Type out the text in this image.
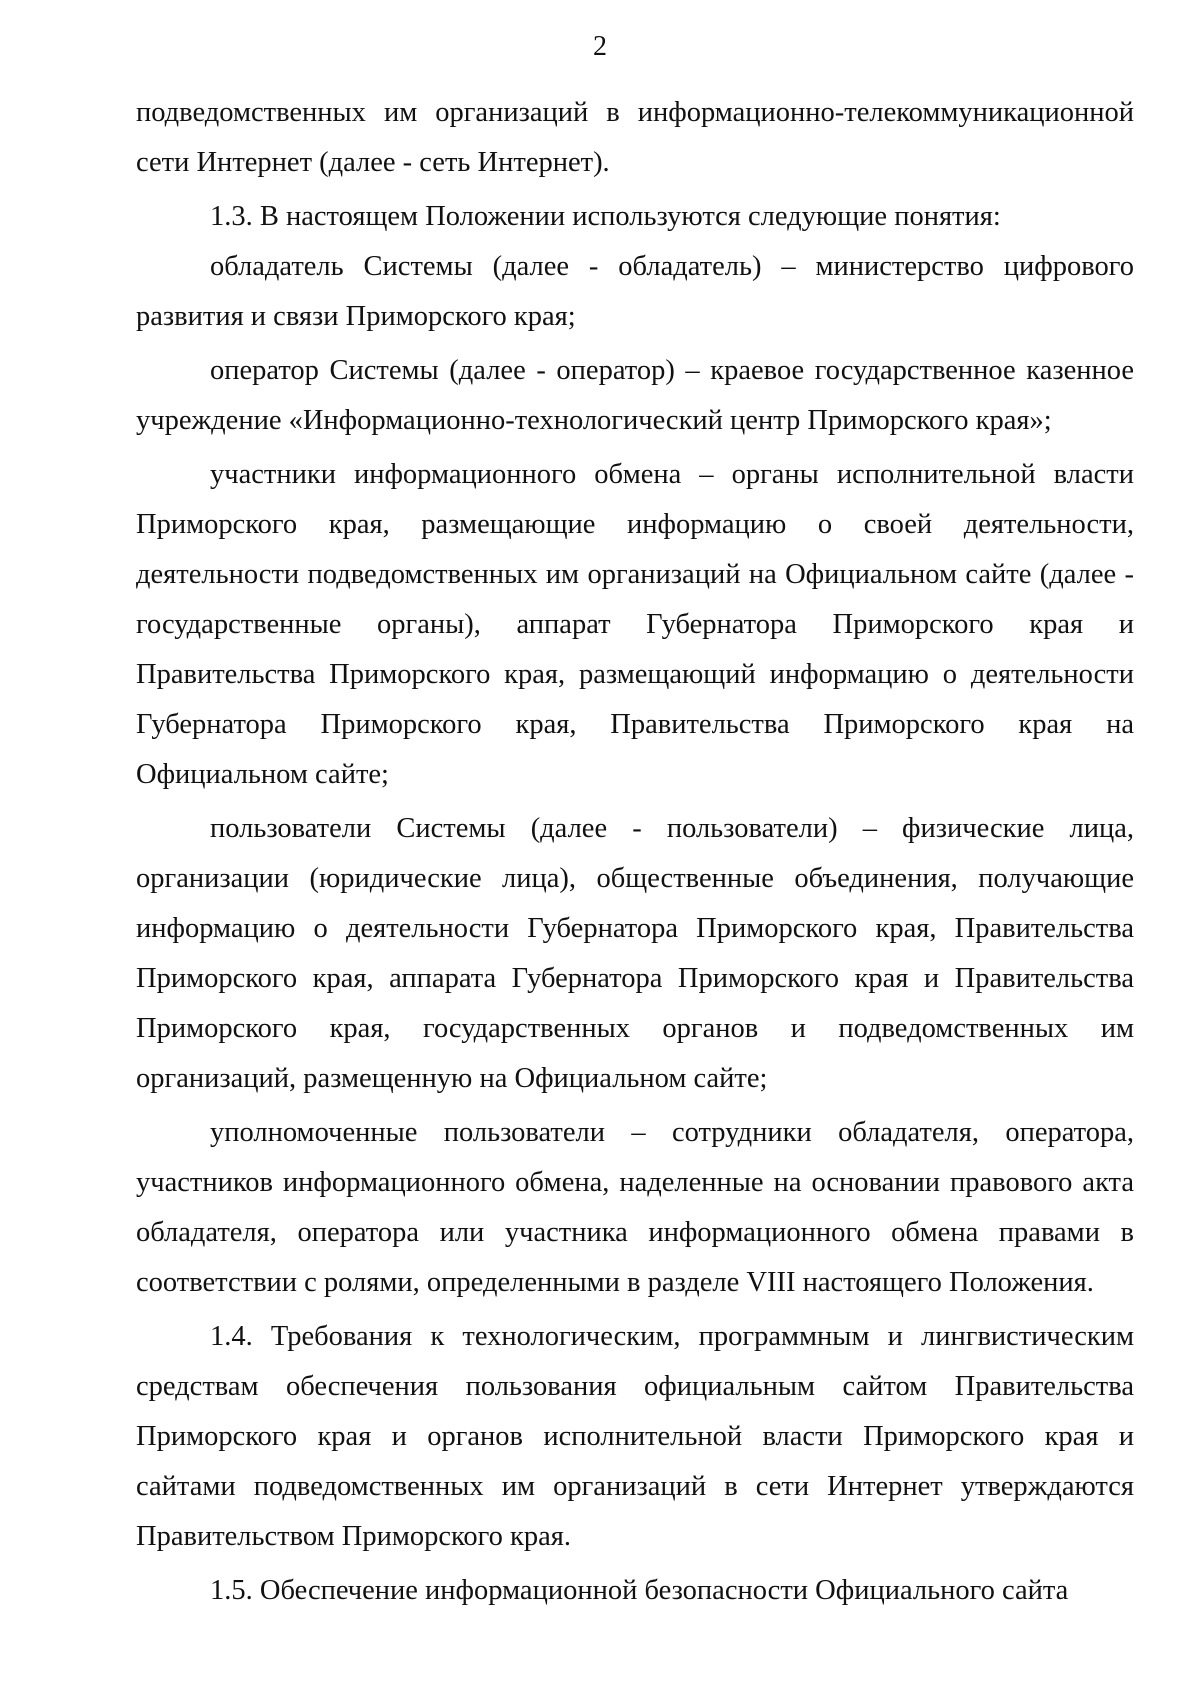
2

подведомственных им организаций в информационно-телекоммуникационной сети Интернет (далее - сеть Интернет).

1.3. В настоящем Положении используются следующие понятия:

обладатель Системы (далее - обладатель) – министерство цифрового развития и связи Приморского края;

оператор Системы (далее - оператор) – краевое государственное казенное учреждение «Информационно-технологический центр Приморского края»;

участники информационного обмена – органы исполнительной власти Приморского края, размещающие информацию о своей деятельности, деятельности подведомственных им организаций на Официальном сайте (далее - государственные органы), аппарат Губернатора Приморского края и Правительства Приморского края, размещающий информацию о деятельности Губернатора Приморского края, Правительства Приморского края на Официальном сайте;

пользователи Системы (далее - пользователи) – физические лица, организации (юридические лица), общественные объединения, получающие информацию о деятельности Губернатора Приморского края, Правительства Приморского края, аппарата Губернатора Приморского края и Правительства Приморского края, государственных органов и подведомственных им организаций, размещенную на Официальном сайте;

уполномоченные пользователи – сотрудники обладателя, оператора, участников информационного обмена, наделенные на основании правового акта обладателя, оператора или участника информационного обмена правами в соответствии с ролями, определенными в разделе VIII настоящего Положения.

1.4. Требования к технологическим, программным и лингвистическим средствам обеспечения пользования официальным сайтом Правительства Приморского края и органов исполнительной власти Приморского края и сайтами подведомственных им организаций в сети Интернет утверждаются Правительством Приморского края.

1.5. Обеспечение информационной безопасности Официального сайта
